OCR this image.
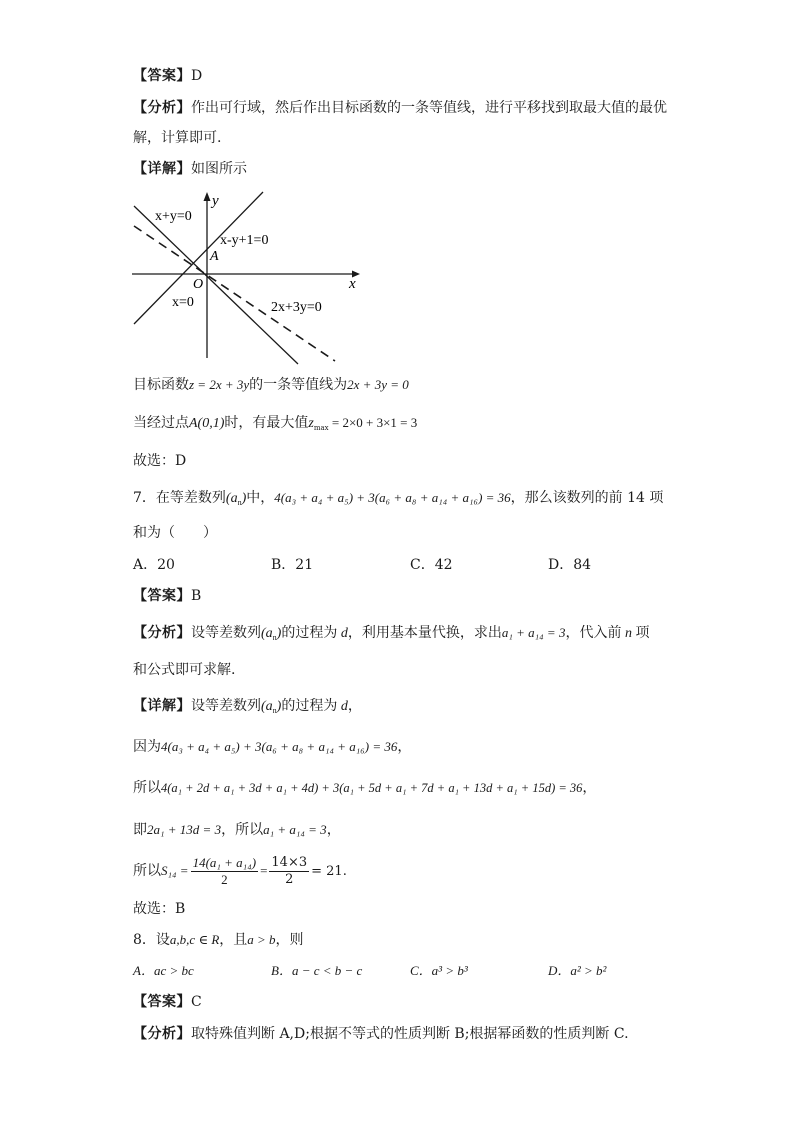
【答案】D
【分析】作出可行域，然后作出目标函数的一条等值线，进行平移找到取最大值的最优
解，计算即可.
【详解】如图所示
x
y
x+y=0
x-y+1=0
A
O
x=0	2x+3y=0
目标函数z = 2x + 3y的一条等值线为2x + 3y = 0
当经过点A(0,1)时，有最大值$z_{max} = 2\times 0 + 3\times 1 = 3$
故选：D
7．在等差数列$(a_n)$中，4(a₃ + a₄ + a₅) + 3(a₆ + a₈ + a₁₄ + a₁₆) = 36，那么该数列的前 14 项
和为（　　）
A．20	B．21	C．42	D．84
【答案】B
【分析】设等差数列$(a_n)$的过程为 d，利用基本量代换，求出a₁ + a₁₄ = 3，代入前 n 项
和公式即可求解.
【详解】设等差数列$(a_n)$的过程为 d，
因为4(a₃ + a₄ + a₅) + 3(a₆ + a₈ + a₁₄ + a₁₆) = 36，
所以4(a₁ + 2d + a₁ + 3d + a₁ + 4d) + 3(a₁ + 5d + a₁ + 7d + a₁ + 13d + a₁ + 15d) = 36，
即2a₁ + 13d = 3，所以a₁ + a₁₄ = 3，
所以$S_{14} = \frac{\text{14(a₁ + a₁₄)}}{2} = \frac{14\times 3}{2} = 21$.
故选：B
8．设a,b,c ∈ R，且a > b，则
A．ac > bc	B．a − c < b − c	C．a³ > b³	D．a² > b²
【答案】C
【分析】取特殊值判断 A,D;根据不等式的性质判断 B;根据幂函数的性质判断 C.
